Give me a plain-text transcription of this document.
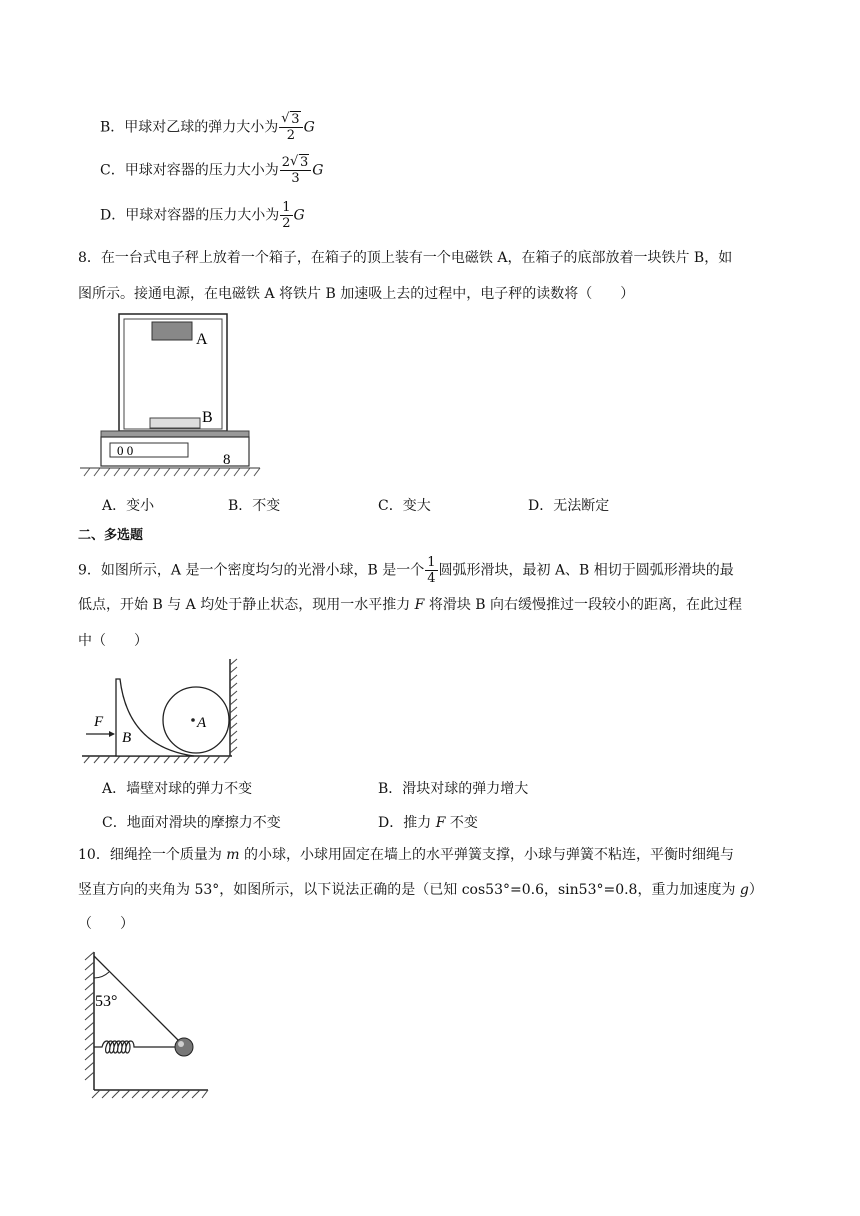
B．甲球对乙球的弹力大小为 √ $\frac{3}{2}$ G
C．甲球对容器的压力大小为 $\frac{2 √ 3}{3}$ G
D．甲球对容器的压力大小为 $\frac{1}{2}$ G
8．在一台式电子秤上放着一个箱子，在箱子的顶上装有一个电磁铁 A，在箱子的底部放着一块铁片 B，如
图所示。接通电源，在电磁铁 A 将铁片 B 加速吸上去的过程中，电子秤的读数将（　　）
A
B
0 0
8
A．变小	B．不变	C．变大	D．无法断定
二、多选题
9．如图所示，A 是一个密度均匀的光滑小球，B 是一个 $\frac{1}{4}$ 圆弧形滑块，最初 A、B 相切于圆弧形滑块的最
低点，开始 B 与 A 均处于静止状态，现用一水平推力 F 将滑块 B 向右缓慢推过一段较小的距离，在此过程
中（　　）
B
A
F
A．墙壁对球的弹力不变	B．滑块对球的弹力增大
C．地面对滑块的摩擦力不变	D．推力 F 不变
10．细绳拴一个质量为 m 的小球，小球用固定在墙上的水平弹簧支撑，小球与弹簧不粘连，平衡时细绳与
竖直方向的夹角为 53°，如图所示，以下说法正确的是（已知 cos53°=0.6，sin53°=0.8，重力加速度为 g）
（　　）
53°
